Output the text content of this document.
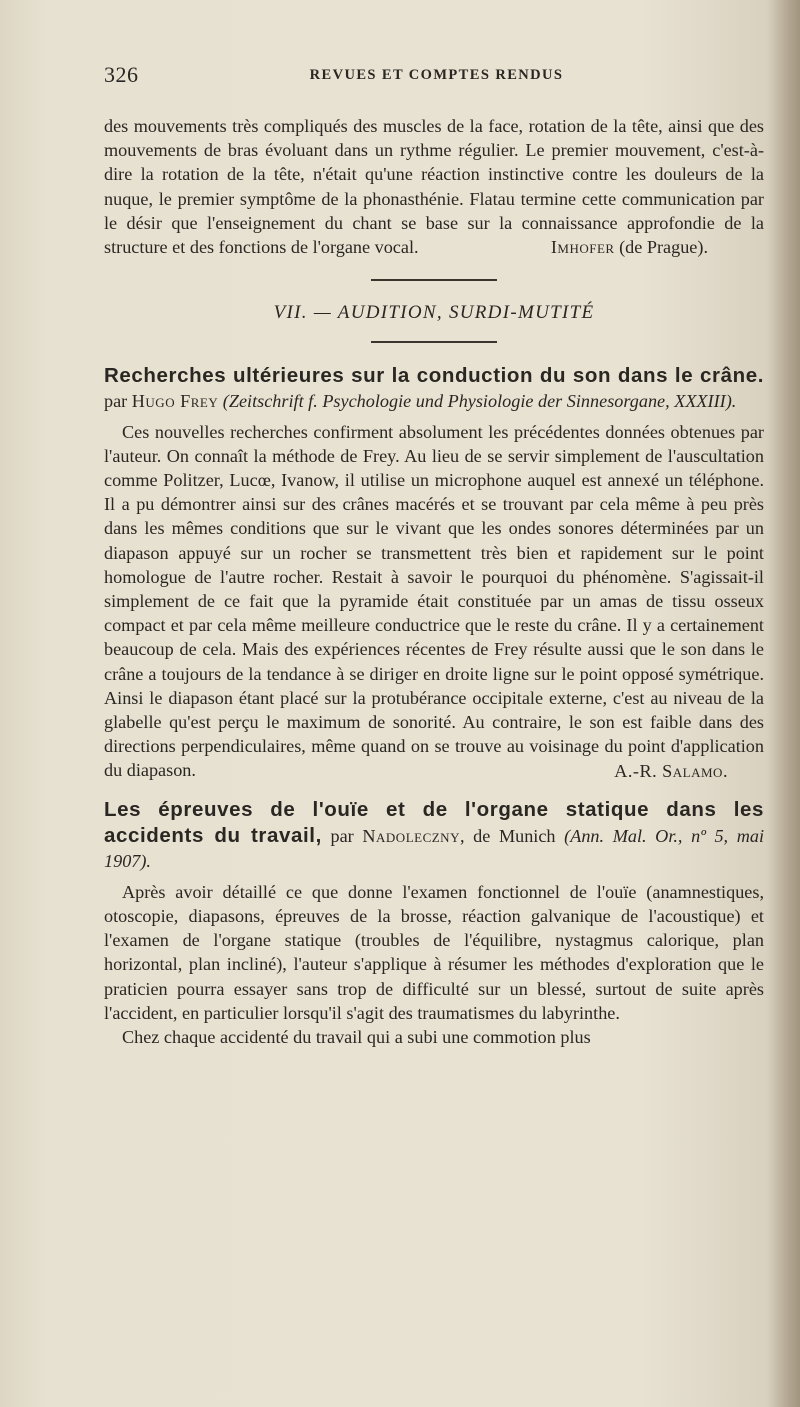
326	REVUES ET COMPTES RENDUS

des mouvements très compliqués des muscles de la face, rotation de la tête, ainsi que des mouvements de bras évoluant dans un rythme régulier. Le premier mouvement, c'est-à-dire la rotation de la tête, n'était qu'une réaction instinctive contre les douleurs de la nuque, le premier symptôme de la phonasthénie. Flatau termine cette communication par le désir que l'enseignement du chant se base sur la connaissance approfondie de la structure et des fonctions de l'organe vocal.	Imhofer (de Prague).

VII. — AUDITION, SURDI-MUTITÉ

Recherches ultérieures sur la conduction du son dans le crâne. par Hugo Frey (Zeitschrift f. Psychologie und Physiologie der Sinnesorgane, XXXIII).

Ces nouvelles recherches confirment absolument les précédentes données obtenues par l'auteur. On connaît la méthode de Frey. Au lieu de se servir simplement de l'auscultation comme Politzer, Lucœ, Ivanow, il utilise un microphone auquel est annexé un téléphone. Il a pu démontrer ainsi sur des crânes macérés et se trouvant par cela même à peu près dans les mêmes conditions que sur le vivant que les ondes sonores déterminées par un diapason appuyé sur un rocher se transmettent très bien et rapidement sur le point homologue de l'autre rocher. Restait à savoir le pourquoi du phénomène. S'agissait-il simplement de ce fait que la pyramide était constituée par un amas de tissu osseux compact et par cela même meilleure conductrice que le reste du crâne. Il y a certainement beaucoup de cela. Mais des expériences récentes de Frey résulte aussi que le son dans le crâne a toujours de la tendance à se diriger en droite ligne sur le point opposé symétrique. Ainsi le diapason étant placé sur la protubérance occipitale externe, c'est au niveau de la glabelle qu'est perçu le maximum de sonorité. Au contraire, le son est faible dans des directions perpendiculaires, même quand on se trouve au voisinage du point d'application du diapason.	A.-R. Salamo.

Les épreuves de l'ouïe et de l'organe statique dans les accidents du travail, par Nadoleczny, de Munich (Ann. Mal. Or., nº 5, mai 1907).

Après avoir détaillé ce que donne l'examen fonctionnel de l'ouïe (anamnestiques, otoscopie, diapasons, épreuves de la brosse, réaction galvanique de l'acoustique) et l'examen de l'organe statique (troubles de l'équilibre, nystagmus calorique, plan horizontal, plan incliné), l'auteur s'applique à résumer les méthodes d'exploration que le praticien pourra essayer sans trop de difficulté sur un blessé, surtout de suite après l'accident, en particulier lorsqu'il s'agit des traumatismes du labyrinthe.

Chez chaque accidenté du travail qui a subi une commotion plus
